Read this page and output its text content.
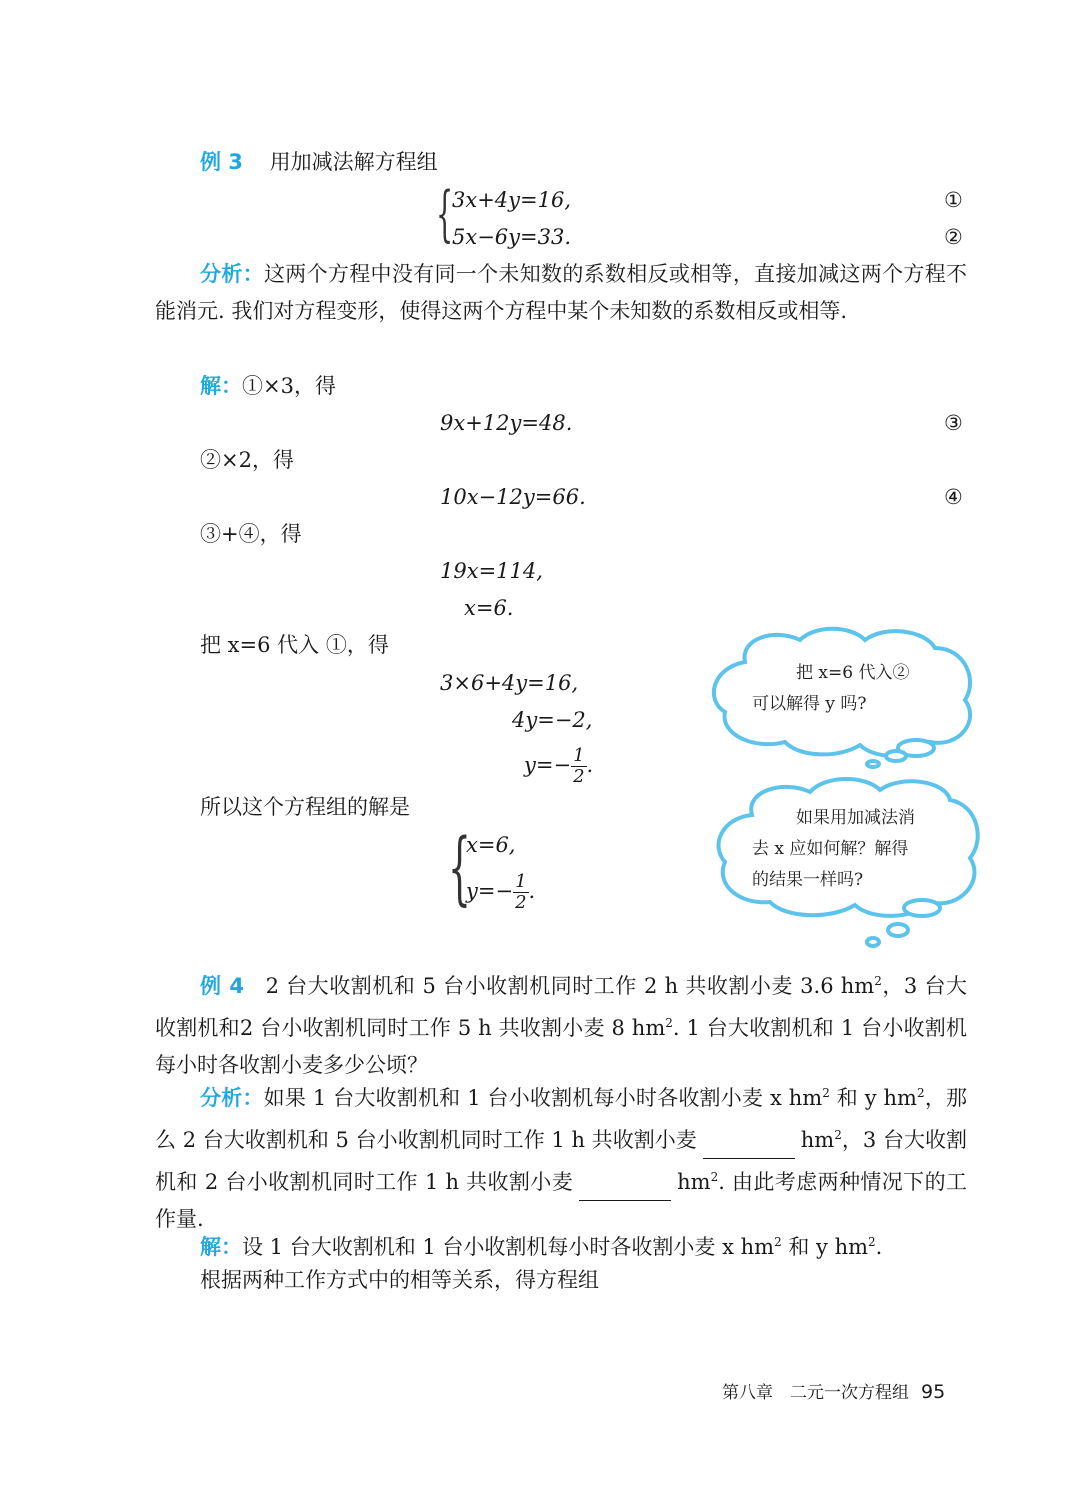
例 3 用加减法解方程组
{
3x+4y=16,
5x−6y=33.
①
②
分析：这两个方程中没有同一个未知数的系数相反或相等，直接加减这两个方程不能消元. 我们对方程变形，使得这两个方程中某个未知数的系数相反或相等.
解：①×3，得
9x+12y=48.	③
②×2，得
10x−12y=66.	④
③+④，得
19x=114,
x=6.
把 x=6 代入 ①，得
3×6+4y=16,
4y=−2,
$y=- \frac{1}{2}$ .
所以这个方程组的解是
{
x=6,
$y=- \frac{1}{2}$ .
把 x=6 代入②
可以解得 y 吗?
如果用加减法消
去 x 应如何解？解得
的结果一样吗?
例 4 2 台大收割机和 5 台小收割机同时工作 2 h 共收割小麦 3.6 $hm^2$，3 台大收割机和2 台小收割机同时工作 5 h 共收割小麦 8 $hm^2$. 1 台大收割机和 1 台小收割机每小时各收割小麦多少公顷？
分析：如果 1 台大收割机和 1 台小收割机每小时各收割小麦 x $hm^2$ 和 y $hm^2$，那么 2 台大收割机和 5 台小收割机同时工作 1 h 共收割小麦	$hm^2$，3 台大收割机和 2 台小收割机同时工作 1 h 共收割小麦	$hm^2$. 由此考虑两种情况下的工作量.
解：设 1 台大收割机和 1 台小收割机每小时各收割小麦 x $hm^2$ 和 y $hm^2$.
根据两种工作方式中的相等关系，得方程组
第八章　二元一次方程组 95
